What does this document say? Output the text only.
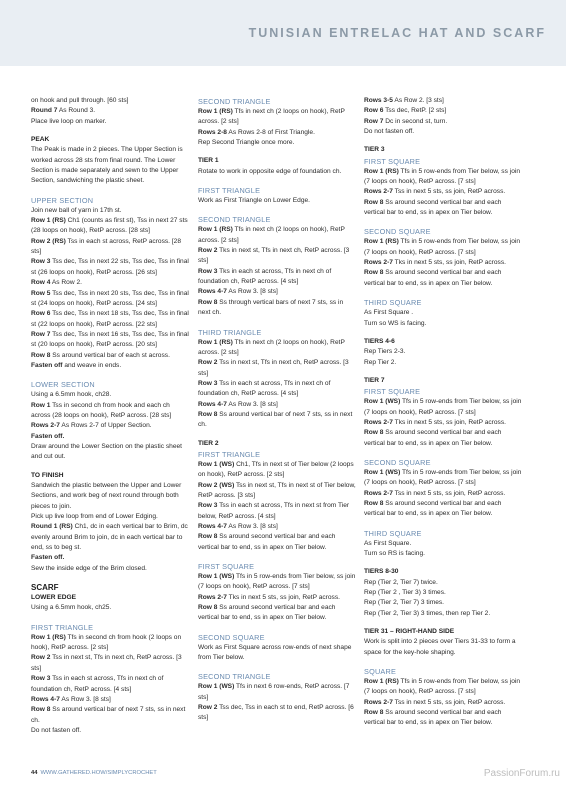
TUNISIAN ENTRELAC HAT AND SCARF

on hook and pull through. [60 sts]

Round 7 As Round 3.

Place live loop on marker.

PEAK

The Peak is made in 2 pieces. The Upper Section is worked across 28 sts from final round. The Lower Section is made separately and sewn to the Upper Section, sandwiching the plastic sheet.

UPPER SECTION

Join new ball of yarn in 17th st.

Row 1 (RS) Ch1 (counts as first st), Tss in next 27 sts (28 loops on hook), RetP across. [28 sts]

Row 2 (RS) Tss in each st across, RetP across. [28 sts]

Row 3 Tss dec, Tss in next 22 sts, Tss dec, Tss in final st (26 loops on hook), RetP across. [26 sts]

Row 4 As Row 2.

Row 5 Tss dec, Tss in next 20 sts, Tss dec, Tss in final st (24 loops on hook), RetP across. [24 sts]

Row 6 Tss dec, Tss in next 18 sts, Tss dec, Tss in final st (22 loops on hook), RetP across. [22 sts]

Row 7 Tss dec, Tss in next 16 sts, Tss dec, Tss in final st (20 loops on hook), RetP across. [20 sts]

Row 8 Ss around vertical bar of each st across.

Fasten off and weave in ends.

LOWER SECTION

Using a 6.5mm hook, ch28.

Row 1 Tss in second ch from hook and each ch across (28 loops on hook), RetP across. [28 sts]

Rows 2-7 As Rows 2-7 of Upper Section.

Fasten off.

Draw around the Lower Section on the plastic sheet and cut out.

TO FINISH

Sandwich the plastic between the Upper and Lower Sections, and work beg of next round through both pieces to join.

Pick up live loop from end of Lower Edging.

Round 1 (RS) Ch1, dc in each vertical bar to Brim, dc evenly around Brim to join, dc in each vertical bar to end, ss to beg st.

Fasten off.

Sew the inside edge of the Brim closed.

SCARF

LOWER EDGE

Using a 6.5mm hook, ch25.

FIRST TRIANGLE

Row 1 (RS) Tfs in second ch from hook (2 loops on hook), RetP across. [2 sts]

Row 2 Tss in next st, Tfs in next ch, RetP across. [3 sts]

Row 3 Tss in each st across, Tfs in next ch of foundation ch, RetP across. [4 sts]

Rows 4-7 As Row 3. [8 sts]

Row 8 Ss around vertical bar of next 7 sts, ss in next ch.

Do not fasten off.

SECOND TRIANGLE

Row 1 (RS) Tfs in next ch (2 loops on hook), RetP across. [2 sts]

Rows 2-8 As Rows 2-8 of First Triangle.

Rep Second Triangle once more.

TIER 1

Rotate to work in opposite edge of foundation ch.

FIRST TRIANGLE

Work as First Triangle on Lower Edge.

SECOND TRIANGLE

Row 1 (RS) Tfs in next ch (2 loops on hook), RetP across. [2 sts]

Row 2 Tks in next st, Tfs in next ch, RetP across. [3 sts]

Row 3 Tks in each st across, Tfs in next ch of foundation ch, RetP across. [4 sts]

Rows 4-7 As Row 3. [8 sts]

Row 8 Ss through vertical bars of next 7 sts, ss in next ch.

THIRD TRIANGLE

Row 1 (RS) Tfs in next ch (2 loops on hook), RetP across. [2 sts]

Row 2 Tss in next st, Tfs in next ch, RetP across. [3 sts]

Row 3 Tss in each st across, Tfs in next ch of foundation ch, RetP across. [4 sts]

Rows 4-7 As Row 3. [8 sts]

Row 8 Ss around vertical bar of next 7 sts, ss in next ch.

TIER 2

FIRST TRIANGLE

Row 1 (WS) Ch1, Tfs in next st of Tier below (2 loops on hook), RetP across. [2 sts]

Row 2 (WS) Tss in next st, Tfs in next st of Tier below, RetP across. [3 sts]

Row 3 Tss in each st across, Tfs in next st from Tier below, RetP across. [4 sts]

Rows 4-7 As Row 3. [8 sts]

Row 8 Ss around second vertical bar and each vertical bar to end, ss in apex on Tier below.

FIRST SQUARE

Row 1 (WS) Tfs in 5 row-ends from Tier below, ss join (7 loops on hook), RetP across. [7 sts]

Rows 2-7 Tks in next 5 sts, ss join, RetP across.

Row 8 Ss around second vertical bar and each vertical bar to end, ss in apex on Tier below.

SECOND SQUARE

Work as First Square across row-ends of next shape from Tier below.

SECOND TRIANGLE

Row 1 (WS) Tfs in next 6 row-ends, RetP across. [7 sts]

Row 2 Tss dec, Tss in each st to end, RetP across. [6 sts]

Rows 3-5 As Row 2. [3 sts]

Row 6 Tss dec, RetP. [2 sts]

Row 7 Dc in second st, turn.

Do not fasten off.

TIER 3

FIRST SQUARE

Row 1 (RS) Tfs in 5 row-ends from Tier below, ss join (7 loops on hook), RetP across. [7 sts]

Rows 2-7 Tss in next 5 sts, ss join, RetP across.

Row 8 Ss around second vertical bar and each vertical bar to end, ss in apex on Tier below.

SECOND SQUARE

Row 1 (RS) Tfs in 5 row-ends from Tier below, ss join (7 loops on hook), RetP across. [7 sts]

Rows 2-7 Tks in next 5 sts, ss join, RetP across.

Row 8 Ss around second vertical bar and each vertical bar to end, ss in apex on Tier below.

THIRD SQUARE

As First Square .

Turn so WS is facing.

TIERS 4-6

Rep Tiers 2-3.

Rep Tier 2.

TIER 7

FIRST SQUARE

Row 1 (WS) Tfs in 5 row-ends from Tier below, ss join (7 loops on hook), RetP across. [7 sts]

Rows 2-7 Tks in next 5 sts, ss join, RetP across.

Row 8 Ss around second vertical bar and each vertical bar to end, ss in apex on Tier below.

SECOND SQUARE

Row 1 (WS) Tfs in 5 row-ends from Tier below, ss join (7 loops on hook), RetP across. [7 sts]

Rows 2-7 Tss in next 5 sts, ss join, RetP across.

Row 8 Ss around second vertical bar and each vertical bar to end, ss in apex on Tier below.

THIRD SQUARE

As First Square.

Turn so RS is facing.

TIERS 8-30

Rep (Tier 2, Tier 7) twice.

Rep (Tier 2 , Tier 3) 3 times.

Rep (Tier 2, Tier 7) 3 times.

Rep (Tier 2, Tier 3) 3 times, then rep Tier 2.

TIER 31 – RIGHT-HAND SIDE

Work is split into 2 pieces over Tiers 31-33 to form a space for the key-hole shaping.

SQUARE

Row 1 (RS) Tfs in 5 row-ends from Tier below, ss join (7 loops on hook), RetP across. [7 sts]

Rows 2-7 Tss in next 5 sts, ss join, RetP across.

Row 8 Ss around second vertical bar and each vertical bar to end, ss in apex on Tier below.

44 WWW.GATHERED.HOW/SIMPLYCROCHET	PassionForum.ru
